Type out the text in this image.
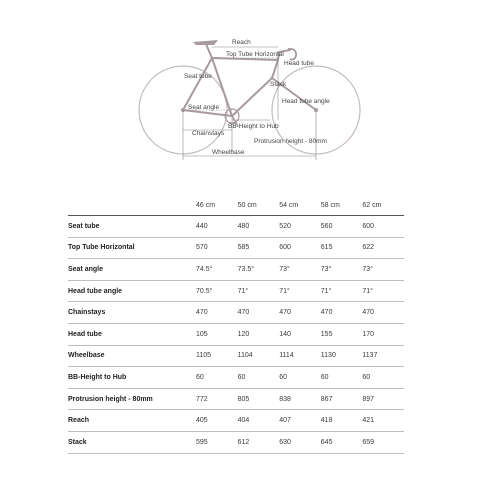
Reach
Top Tube Horizontal
Head tube
Seat tube
Stack
Head tube angle
Seat angle
BB-Height to Hub
Chainstays
Protrusion height - 80mm
Wheelbase
	46 cm	50 cm	54 cm	58 cm	62 cm
Seat tube	440	480	520	560	600
Top Tube Horizontal	570	585	600	615	622
Seat angle	74.5°	73.5°	73°	73°	73°
Head tube angle	70.5°	71°	71°	71°	71°
Chainstays	470	470	470	470	470
Head tube	105	120	140	155	170
Wheelbase	1105	1104	1114	1130	1137
BB-Height to Hub	60	60	60	60	60
Protrusion height - 80mm	772	805	838	867	897
Reach	405	404	407	418	421
Stack	595	612	630	645	659
